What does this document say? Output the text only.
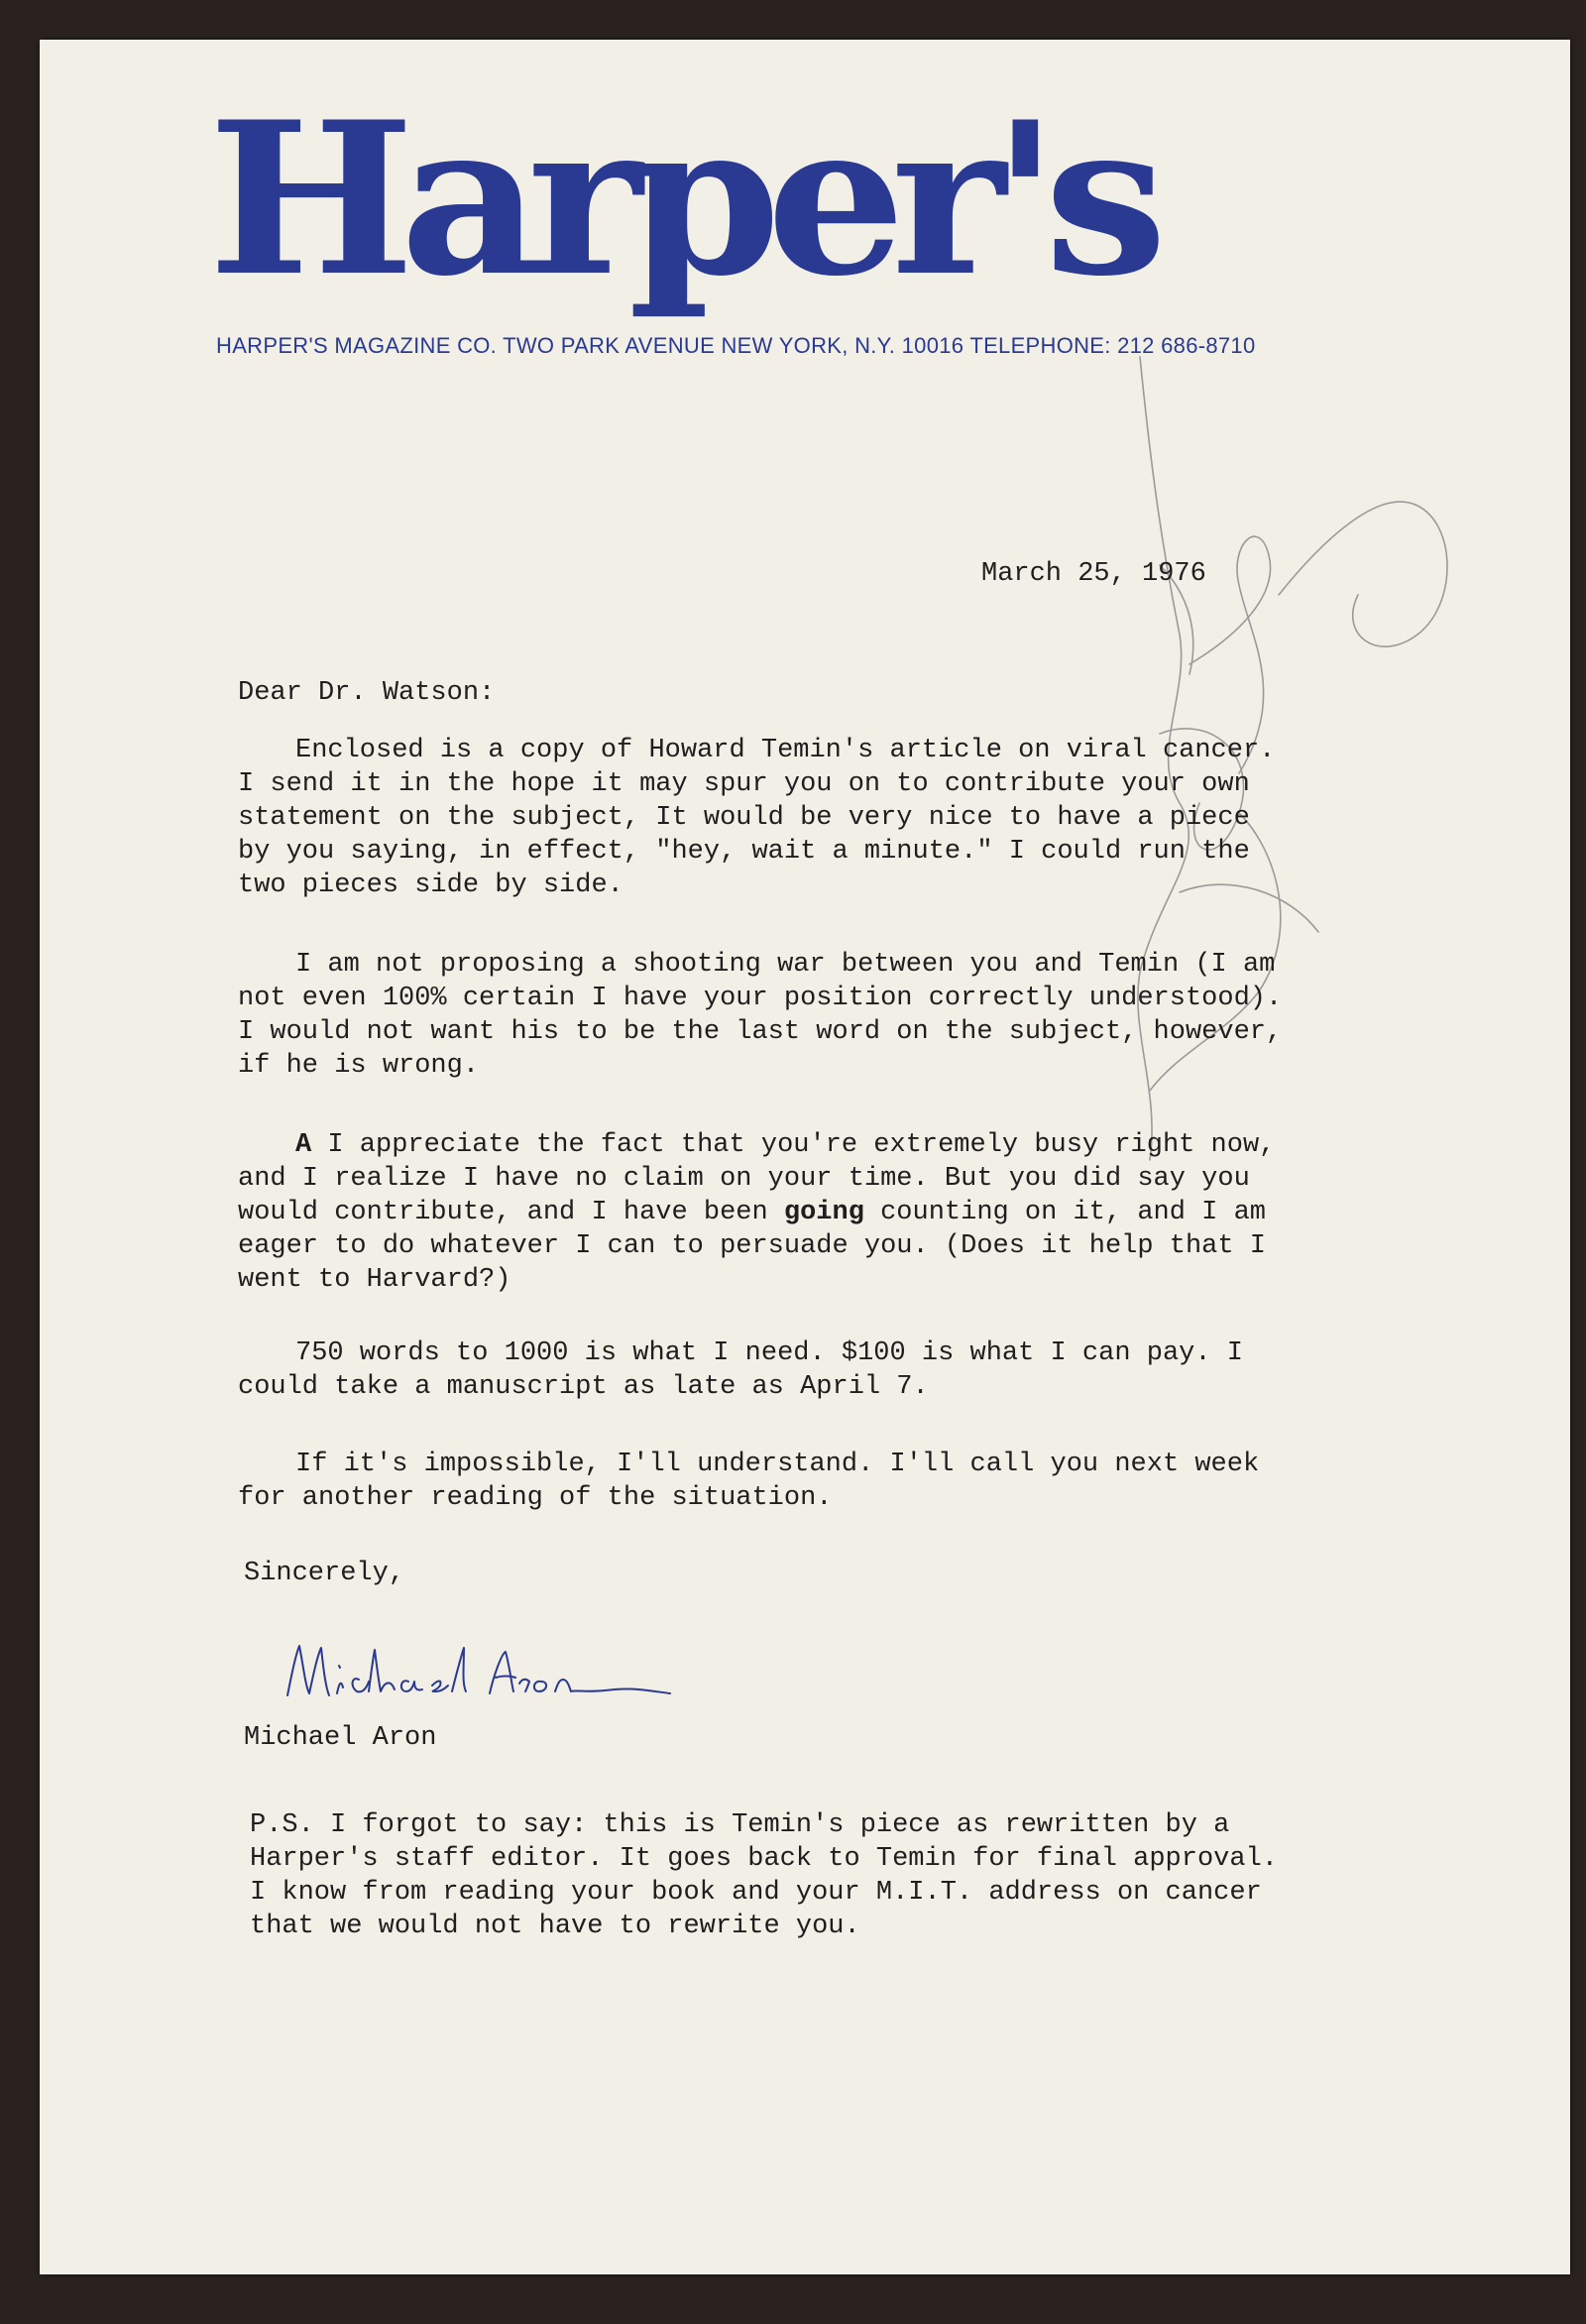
Harper's
HARPER'S MAGAZINE CO. TWO PARK AVENUE NEW YORK, N.Y. 10016 TELEPHONE: 212 686-8710
March 25, 1976
Dear Dr. Watson:
Enclosed is a copy of Howard Temin's article on viral cancer.
I send it in the hope it may spur you on to contribute your own
statement on the subject, It would be very nice to have a piece
by you saying, in effect, "hey, wait a minute." I could run the
two pieces side by side.
I am not proposing a shooting war between you and Temin (I am
not even 100% certain I have your position correctly understood).
I would not want his to be the last word on the subject, however,
if he is wrong.
A I appreciate the fact that you're extremely busy right now,
and I realize I have no claim on your time. But you did say you
would contribute, and I have been going counting on it, and I am
eager to do whatever I can to persuade you. (Does it help that I
went to Harvard?)
750 words to 1000 is what I need. $100 is what I can pay. I
could take a manuscript as late as April 7.
If it's impossible, I'll understand. I'll call you next week
for another reading of the situation.
Sincerely,
Michael Aron
P.S. I forgot to say: this is Temin's piece as rewritten by a
Harper's staff editor. It goes back to Temin for final approval.
I know from reading your book and your M.I.T. address on cancer
that we would not have to rewrite you.
